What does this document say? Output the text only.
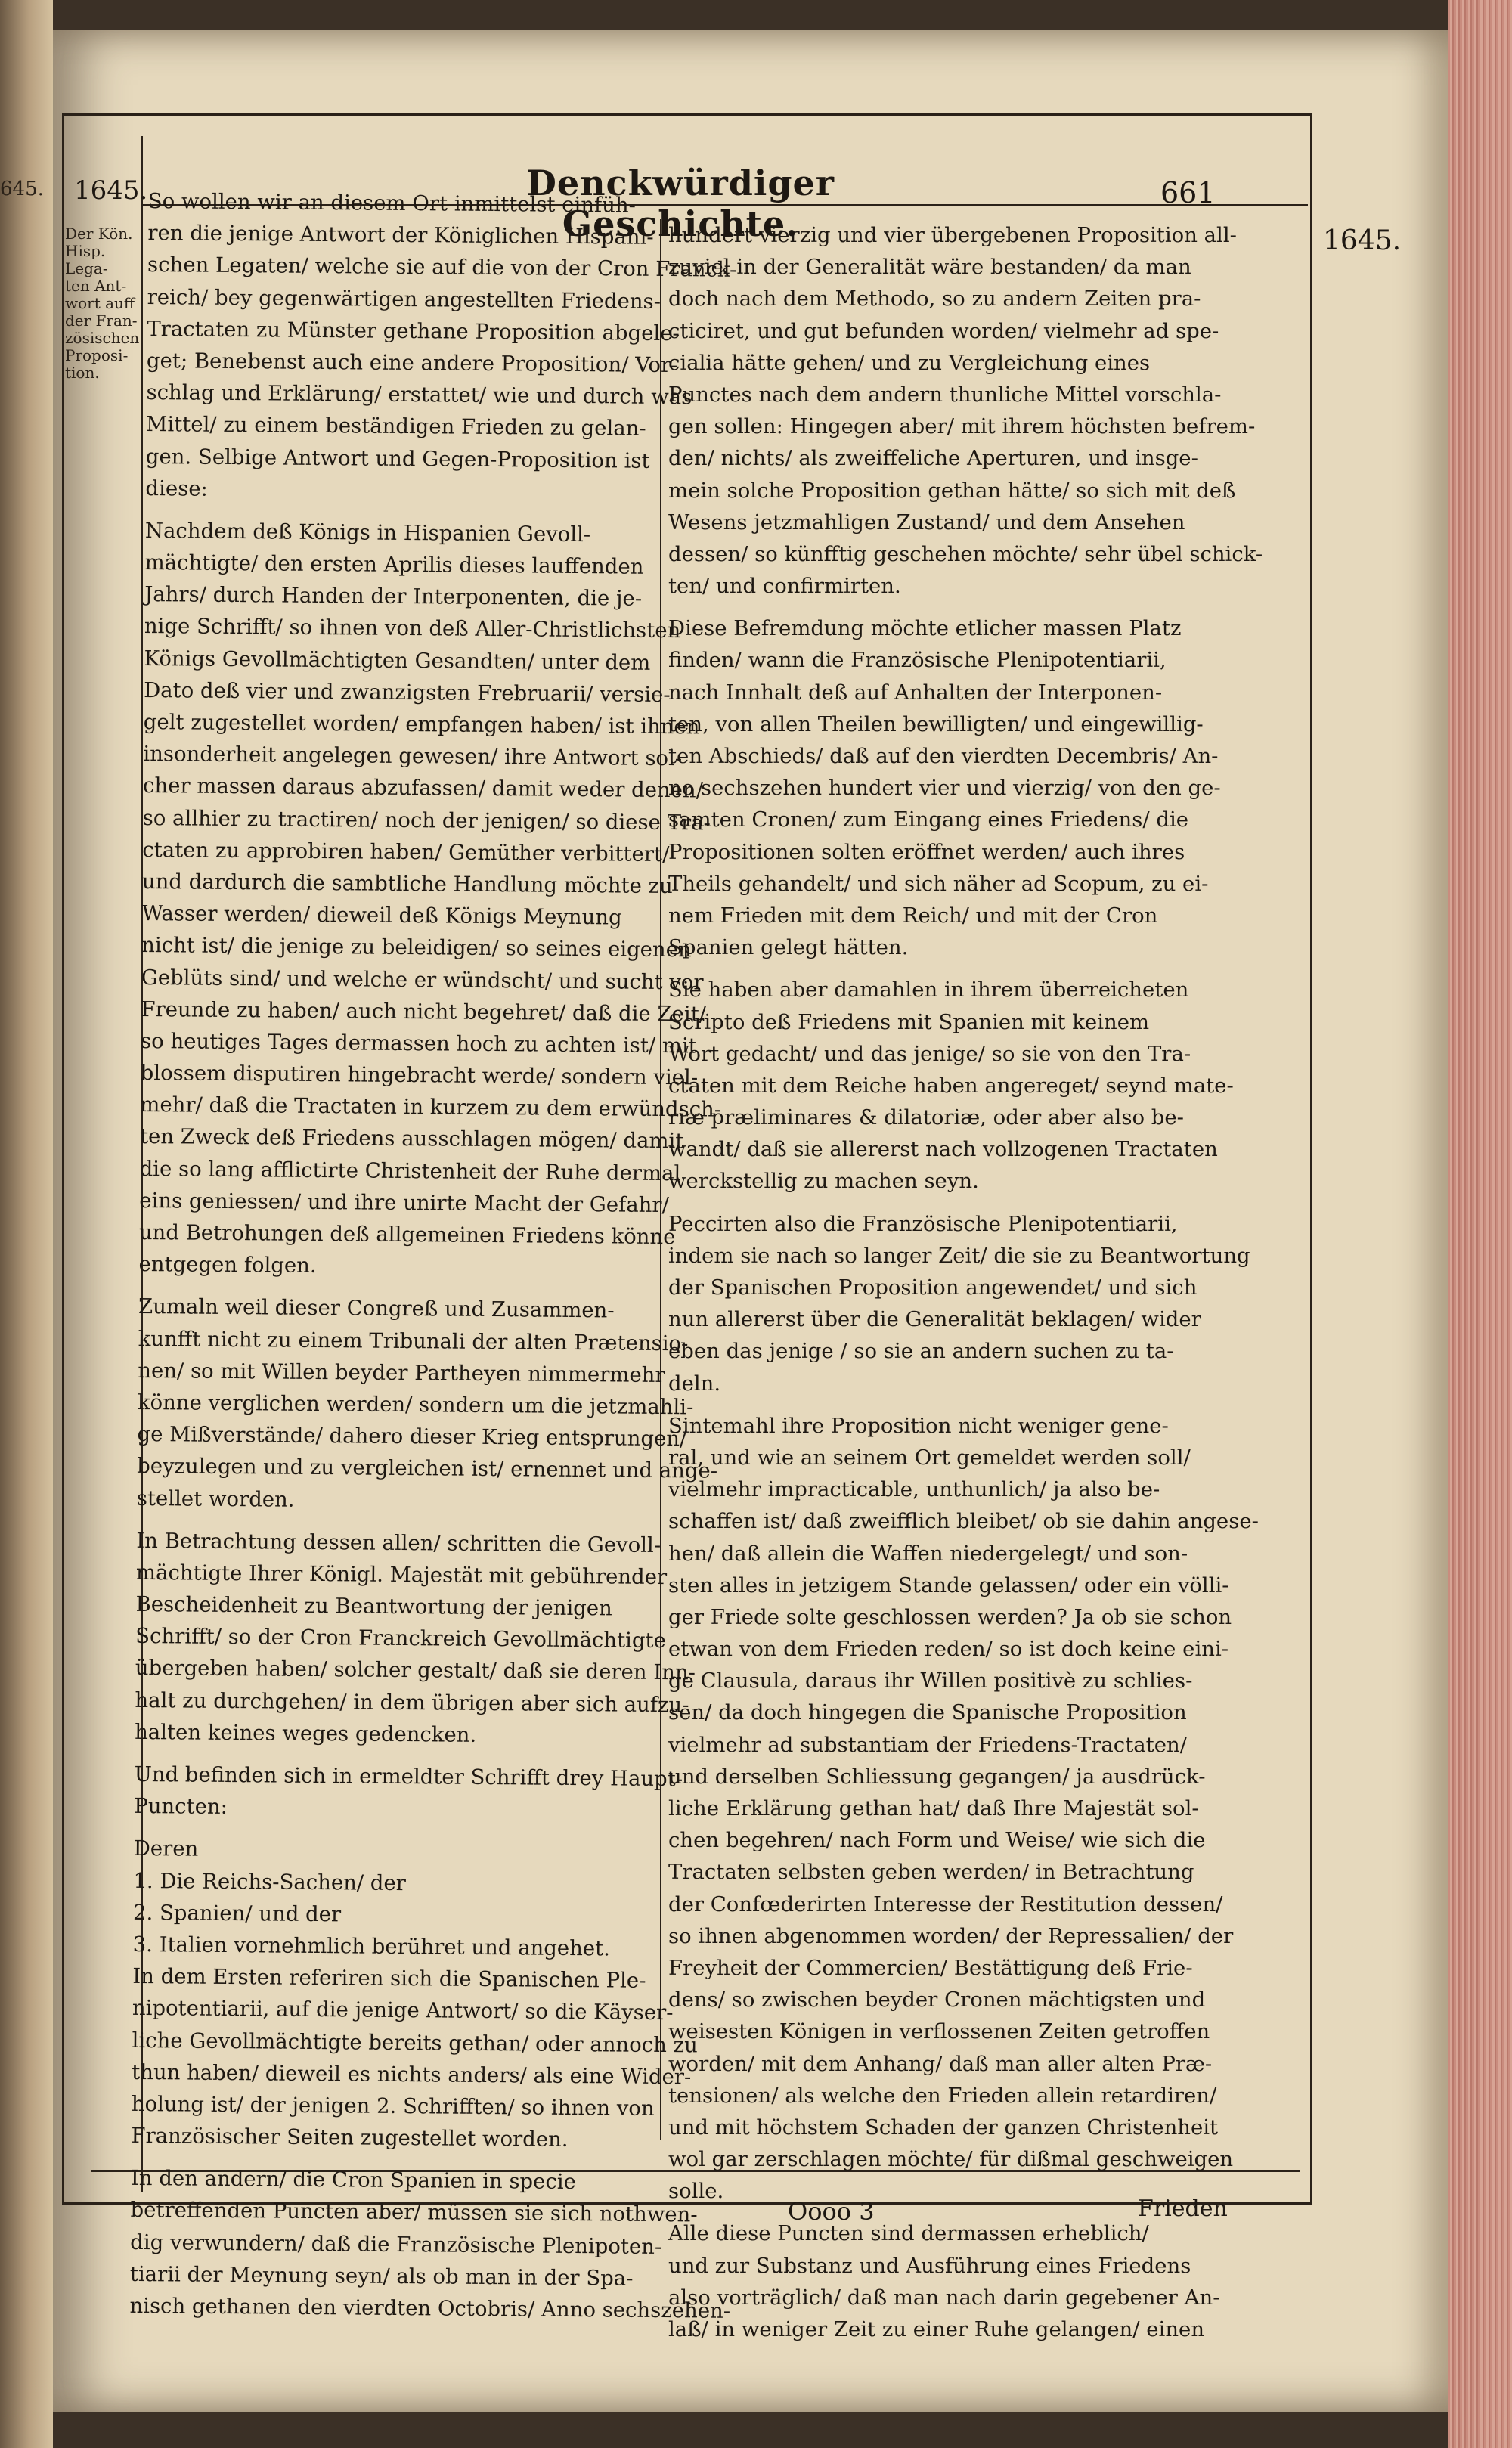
645. 1645.	Denckwürdiger Geschichte.
661
1645.
Der Kön.
Hisp. Lega-
ten Ant-
wort auff
der Fran-
zösischen
Proposi-
tion.
So wollen wir an diesem Ort inmittelst einfüh-
ren die jenige Antwort der Königlichen Hispani-
schen Legaten/ welche sie auf die von der Cron Franck-
reich/ bey gegenwärtigen angestellten Friedens-
Tractaten zu Münster gethane Proposition abgele-
get; Benebenst auch eine andere Proposition/ Vor-
schlag und Erklärung/ erstattet/ wie und durch was
Mittel/ zu einem beständigen Frieden zu gelan-
gen. Selbige Antwort und Gegen-Proposition ist
diese:
Nachdem deß Königs in Hispanien Gevoll-
mächtigte/ den ersten Aprilis dieses lauffenden
Jahrs/ durch Handen der Interponenten, die je-
nige Schrifft/ so ihnen von deß Aller-Christlichsten
Königs Gevollmächtigten Gesandten/ unter dem
Dato deß vier und zwanzigsten Frebruarii/ versie-
gelt zugestellet worden/ empfangen haben/ ist ihnen
insonderheit angelegen gewesen/ ihre Antwort sol-
cher massen daraus abzufassen/ damit weder denen/
so allhier zu tractiren/ noch der jenigen/ so diese Tra-
ctaten zu approbiren haben/ Gemüther verbittert/
und dardurch die sambtliche Handlung möchte zu
Wasser werden/ dieweil deß Königs Meynung
nicht ist/ die jenige zu beleidigen/ so seines eigenen
Geblüts sind/ und welche er wündscht/ und sucht vor
Freunde zu haben/ auch nicht begehret/ daß die Zeit/
so heutiges Tages dermassen hoch zu achten ist/ mit
blossem disputiren hingebracht werde/ sondern viel-
mehr/ daß die Tractaten in kurzem zu dem erwündsch-
ten Zweck deß Friedens ausschlagen mögen/ damit
die so lang afflictirte Christenheit der Ruhe dermal
eins geniessen/ und ihre unirte Macht der Gefahr/
und Betrohungen deß allgemeinen Friedens könne
entgegen folgen.
Zumaln weil dieser Congreß und Zusammen-
kunfft nicht zu einem Tribunali der alten Prætensio-
nen/ so mit Willen beyder Partheyen nimmermehr
könne verglichen werden/ sondern um die jetzmahli-
ge Mißverstände/ dahero dieser Krieg entsprungen/
beyzulegen und zu vergleichen ist/ ernennet und ange-
stellet worden.
In Betrachtung dessen allen/ schritten die Gevoll-
mächtigte Ihrer Königl. Majestät mit gebührender
Bescheidenheit zu Beantwortung der jenigen
Schrifft/ so der Cron Franckreich Gevollmächtigte
übergeben haben/ solcher gestalt/ daß sie deren Inn-
halt zu durchgehen/ in dem übrigen aber sich aufzu-
halten keines weges gedencken.
Und befinden sich in ermeldter Schrifft drey Haupt-
Puncten:
Deren
1. Die Reichs-Sachen/ der
2. Spanien/ und der
3. Italien vornehmlich berühret und angehet.
In dem Ersten referiren sich die Spanischen Ple-
nipotentiarii, auf die jenige Antwort/ so die Käyser-
liche Gevollmächtigte bereits gethan/ oder annoch zu
thun haben/ dieweil es nichts anders/ als eine Wider-
holung ist/ der jenigen 2. Schrifften/ so ihnen von
Französischer Seiten zugestellet worden.
In den andern/ die Cron Spanien in specie
betreffenden Puncten aber/ müssen sie sich nothwen-
dig verwundern/ daß die Französische Plenipoten-
tiarii der Meynung seyn/ als ob man in der Spa-
nisch gethanen den vierdten Octobris/ Anno sechszehen-
hundert vierzig und vier übergebenen Proposition all-
zuviel in der Generalität wäre bestanden/ da man
doch nach dem Methodo, so zu andern Zeiten pra-
cticiret, und gut befunden worden/ vielmehr ad spe-
cialia hätte gehen/ und zu Vergleichung eines
Punctes nach dem andern thunliche Mittel vorschla-
gen sollen: Hingegen aber/ mit ihrem höchsten befrem-
den/ nichts/ als zweiffeliche Aperturen, und insge-
mein solche Proposition gethan hätte/ so sich mit deß
Wesens jetzmahligen Zustand/ und dem Ansehen
dessen/ so künfftig geschehen möchte/ sehr übel schick-
ten/ und confirmirten.
Diese Befremdung möchte etlicher massen Platz
finden/ wann die Französische Plenipotentiarii,
nach Innhalt deß auf Anhalten der Interponen-
ten, von allen Theilen bewilligten/ und eingewillig-
ten Abschieds/ daß auf den vierdten Decembris/ An-
no sechszehen hundert vier und vierzig/ von den ge-
samten Cronen/ zum Eingang eines Friedens/ die
Propositionen solten eröffnet werden/ auch ihres
Theils gehandelt/ und sich näher ad Scopum, zu ei-
nem Frieden mit dem Reich/ und mit der Cron
Spanien gelegt hätten.
Sie haben aber damahlen in ihrem überreicheten
Scripto deß Friedens mit Spanien mit keinem
Wort gedacht/ und das jenige/ so sie von den Tra-
ctaten mit dem Reiche haben angereget/ seynd mate-
riæ præliminares & dilatoriæ, oder aber also be-
wandt/ daß sie allererst nach vollzogenen Tractaten
werckstellig zu machen seyn.
Peccirten also die Französische Plenipotentiarii,
indem sie nach so langer Zeit/ die sie zu Beantwortung
der Spanischen Proposition angewendet/ und sich
nun allererst über die Generalität beklagen/ wider
eben das jenige / so sie an andern suchen zu ta-
deln.
Sintemahl ihre Proposition nicht weniger gene-
ral, und wie an seinem Ort gemeldet werden soll/
vielmehr impracticable, unthunlich/ ja also be-
schaffen ist/ daß zweifflich bleibet/ ob sie dahin angese-
hen/ daß allein die Waffen niedergelegt/ und son-
sten alles in jetzigem Stande gelassen/ oder ein völli-
ger Friede solte geschlossen werden? Ja ob sie schon
etwan von dem Frieden reden/ so ist doch keine eini-
ge Clausula, daraus ihr Willen positivè zu schlies-
sen/ da doch hingegen die Spanische Proposition
vielmehr ad substantiam der Friedens-Tractaten/
und derselben Schliessung gegangen/ ja ausdrück-
liche Erklärung gethan hat/ daß Ihre Majestät sol-
chen begehren/ nach Form und Weise/ wie sich die
Tractaten selbsten geben werden/ in Betrachtung
der Confœderirten Interesse der Restitution dessen/
so ihnen abgenommen worden/ der Repressalien/ der
Freyheit der Commercien/ Bestättigung deß Frie-
dens/ so zwischen beyder Cronen mächtigsten und
weisesten Königen in verflossenen Zeiten getroffen
worden/ mit dem Anhang/ daß man aller alten Præ-
tensionen/ als welche den Frieden allein retardiren/
und mit höchstem Schaden der ganzen Christenheit
wol gar zerschlagen möchte/ für dißmal geschweigen
solle.
Alle diese Puncten sind dermassen erheblich/
und zur Substanz und Ausführung eines Friedens
also vorträglich/ daß man nach darin gegebener An-
laß/ in weniger Zeit zu einer Ruhe gelangen/ einen
Oooo 3	Frieden
